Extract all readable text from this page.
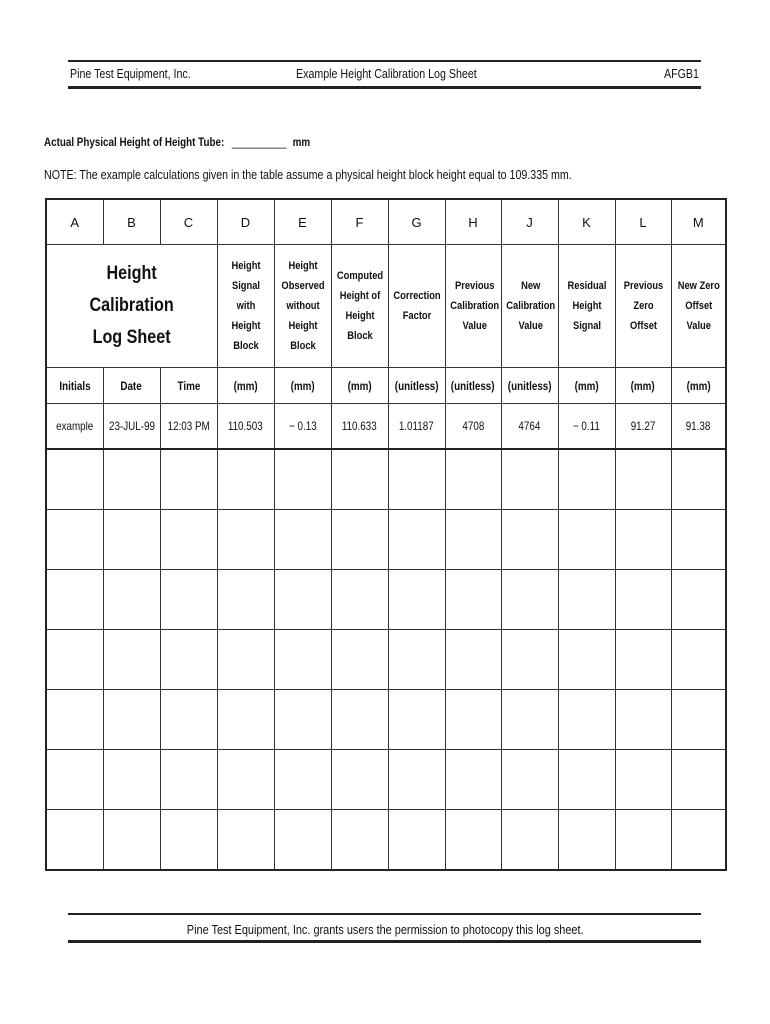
Pine Test Equipment, Inc.	Example Height Calibration Log Sheet	AFGB1
Actual Physical Height of Height Tube: __________ mm
NOTE: The example calculations given in the table assume a physical height block height equal to 109.335 mm.
A	B	C	D	E	F	G	H	J	K	L	M

Height
Calibration
Log Sheet			Height Signal with Height Block	Height Observed without Height Block	Computed Height of Height Block	Correction Factor	Previous Calibration Value	New Calibration Value	Residual Height Signal	Previous Zero Offset	New Zero Offset Value
Initials	Date	Time	(mm)	(mm)	(mm)	(unitless)	(unitless)	(unitless)	(mm)	(mm)	(mm)
example	23-JUL-99	12:03 PM	110.503	− 0.13	110.633	1.01187	4708	4764	− 0.11	91.27	91.38

Pine Test Equipment, Inc. grants users the permission to photocopy this log sheet.
